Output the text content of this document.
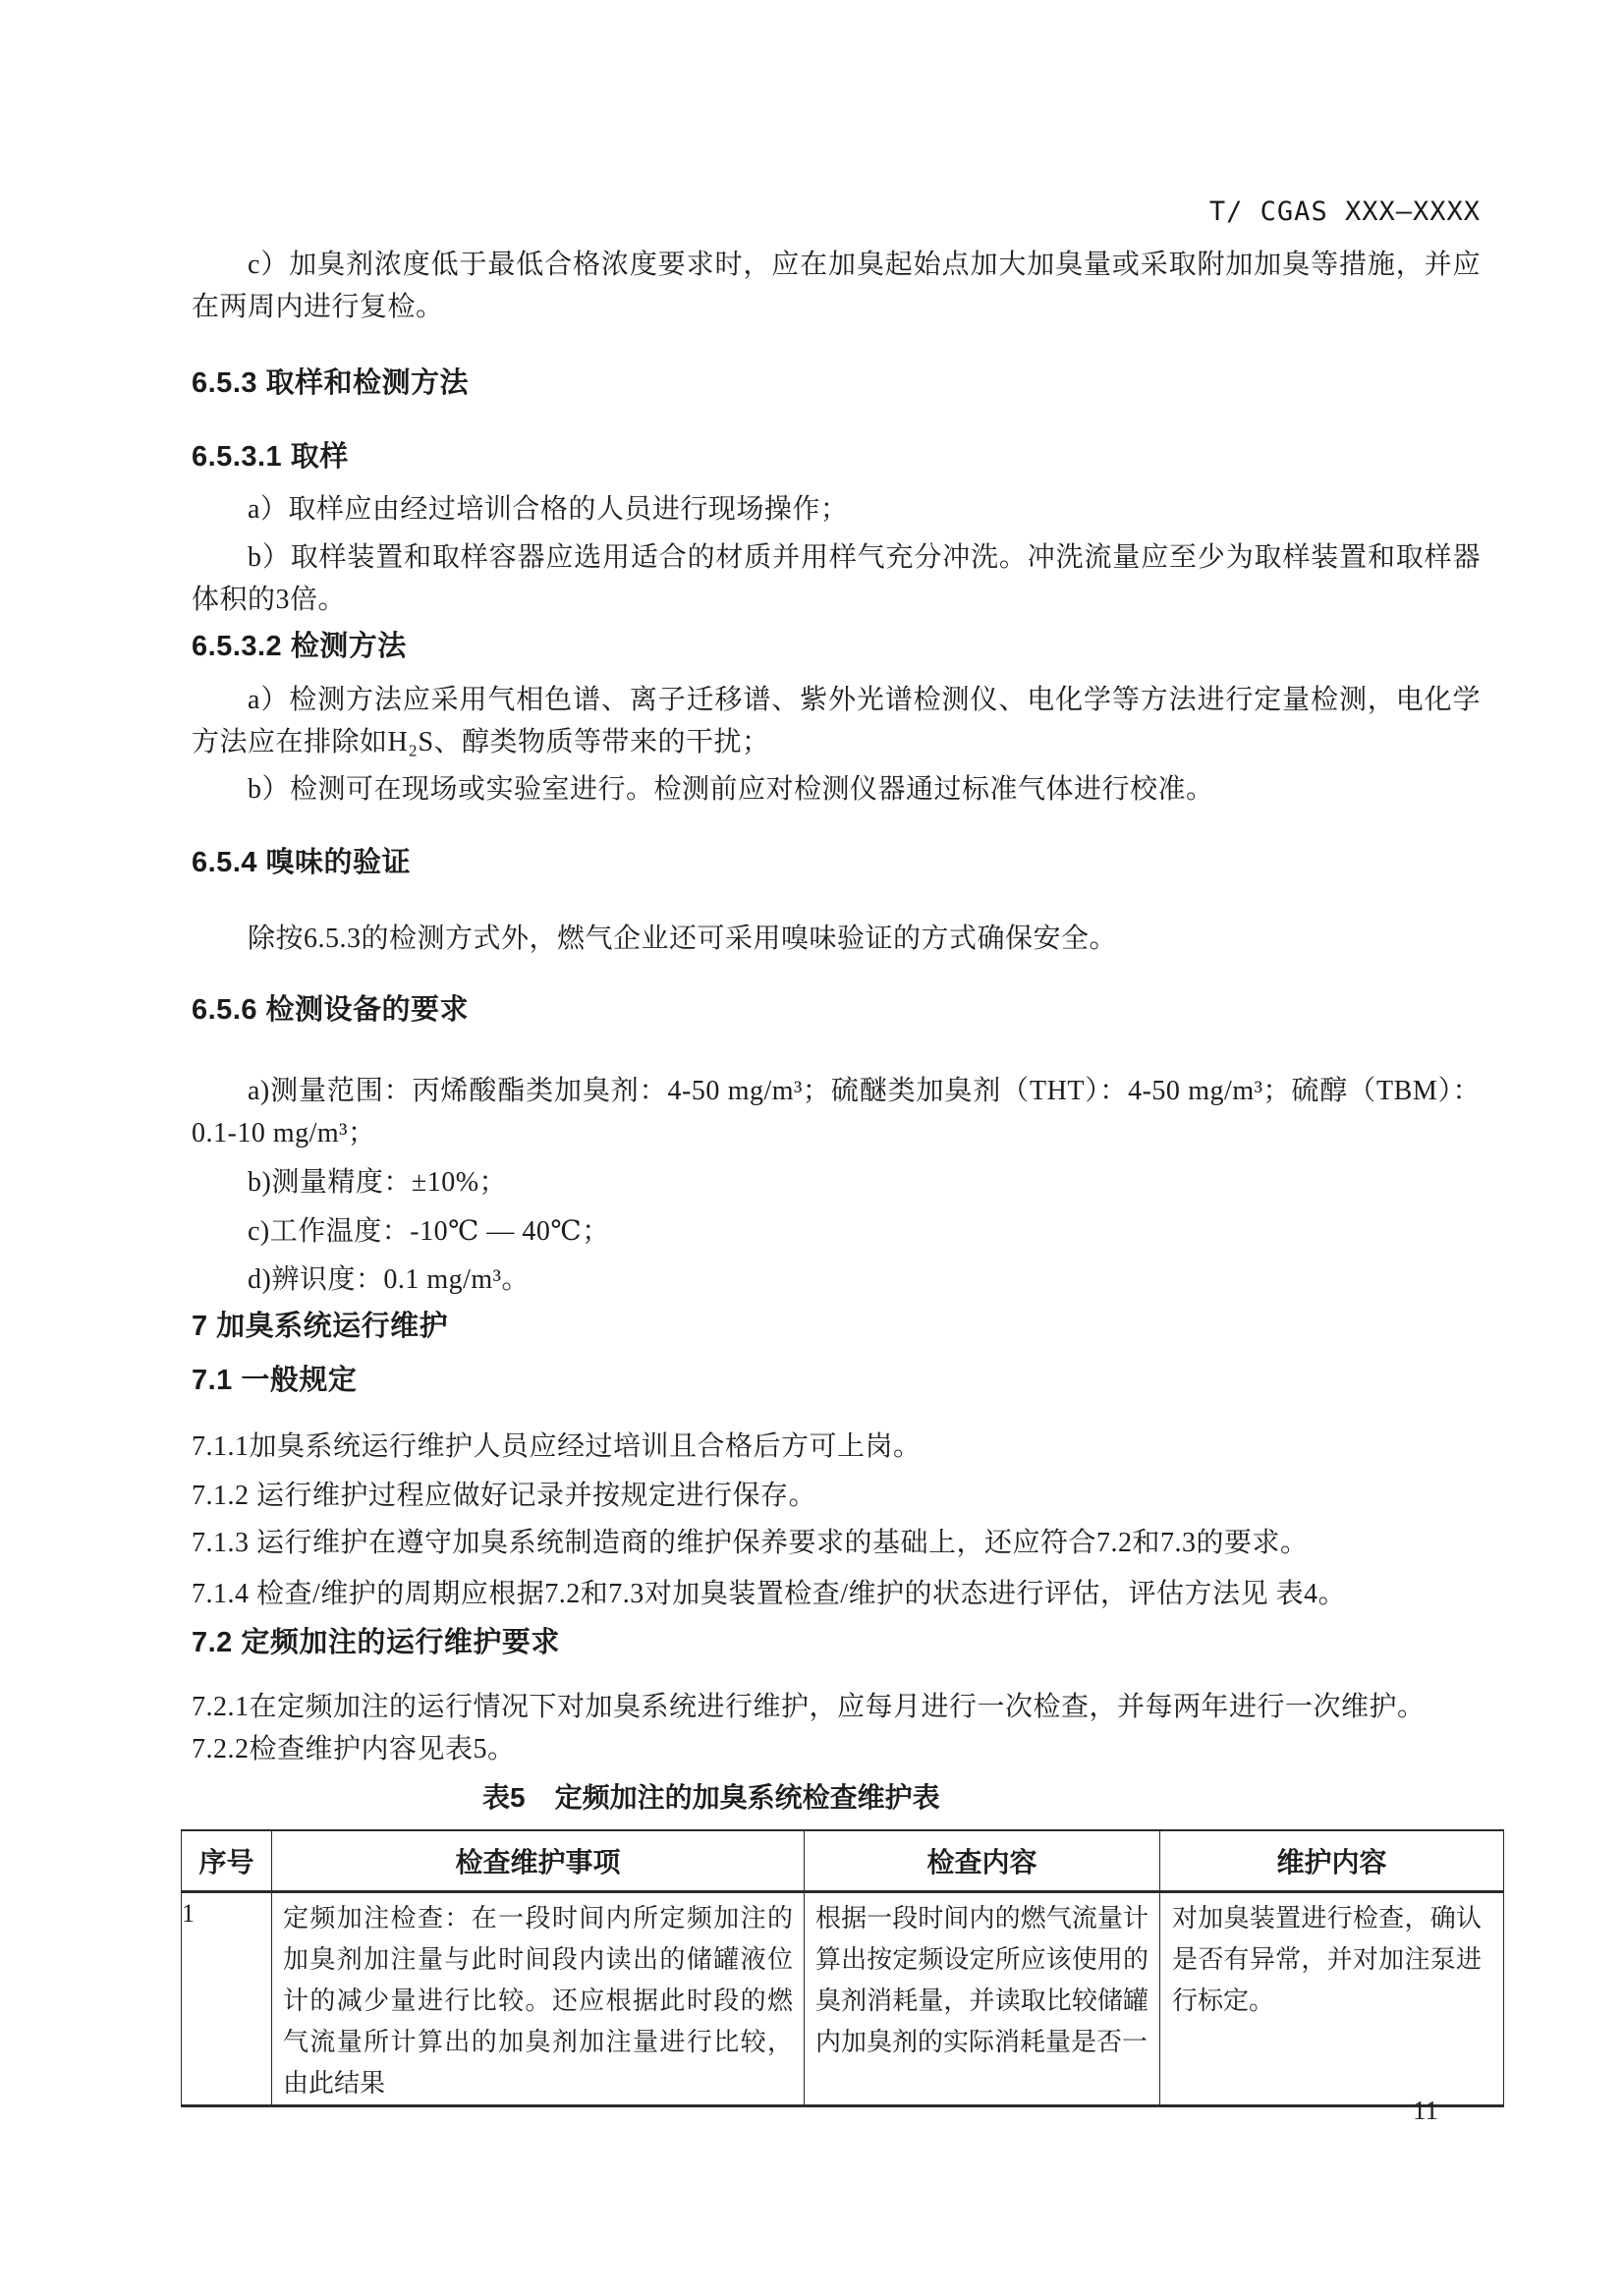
T/ CGAS XXX—XXXX

c）加臭剂浓度低于最低合格浓度要求时，应在加臭起始点加大加臭量或采取附加加臭等措施，并应在两周内进行复检。

6.5.3 取样和检测方法
6.5.3.1 取样

a）取样应由经过培训合格的人员进行现场操作；

b）取样装置和取样容器应选用适合的材质并用样气充分冲洗。冲洗流量应至少为取样装置和取样器体积的3倍。

6.5.3.2 检测方法

a）检测方法应采用气相色谱、离子迁移谱、紫外光谱检测仪、电化学等方法进行定量检测，电化学方法应在排除如H₂S、醇类物质等带来的干扰；

b）检测可在现场或实验室进行。检测前应对检测仪器通过标准气体进行校准。

6.5.4 嗅味的验证

除按6.5.3的检测方式外，燃气企业还可采用嗅味验证的方式确保安全。

6.5.6 检测设备的要求

a)测量范围：丙烯酸酯类加臭剂：4-50 mg/m³；硫醚类加臭剂（THT）：4-50 mg/m³；硫醇（TBM）：0.1-10 mg/m³；

b)测量精度：±10%；

c)工作温度：-10℃ — 40℃；

d)辨识度：0.1 mg/m³。

7 加臭系统运行维护
7.1 一般规定

7.1.1加臭系统运行维护人员应经过培训且合格后方可上岗。

7.1.2 运行维护过程应做好记录并按规定进行保存。

7.1.3 运行维护在遵守加臭系统制造商的维护保养要求的基础上，还应符合7.2和7.3的要求。

7.1.4 检查/维护的周期应根据7.2和7.3对加臭装置检查/维护的状态进行评估，评估方法见 表4。

7.2 定频加注的运行维护要求

7.2.1在定频加注的运行情况下对加臭系统进行维护，应每月进行一次检查，并每两年进行一次维护。

7.2.2检查维护内容见表5。

表5 定频加注的加臭系统检查维护表
序号	检查维护事项	检查内容	维护内容
1	定频加注检查：在一段时间内所定频加注的加臭剂加注量与此时间段内读出的储罐液位计的减少量进行比较。还应根据此时段的燃气流量所计算出的加臭剂加注量进行比较，由此结果	根据一段时间内的燃气流量计算出按定频设定所应该使用的臭剂消耗量，并读取比较储罐内加臭剂的实际消耗量是否一	对加臭装置进行检查，确认是否有异常，并对加注泵进行标定。
11
